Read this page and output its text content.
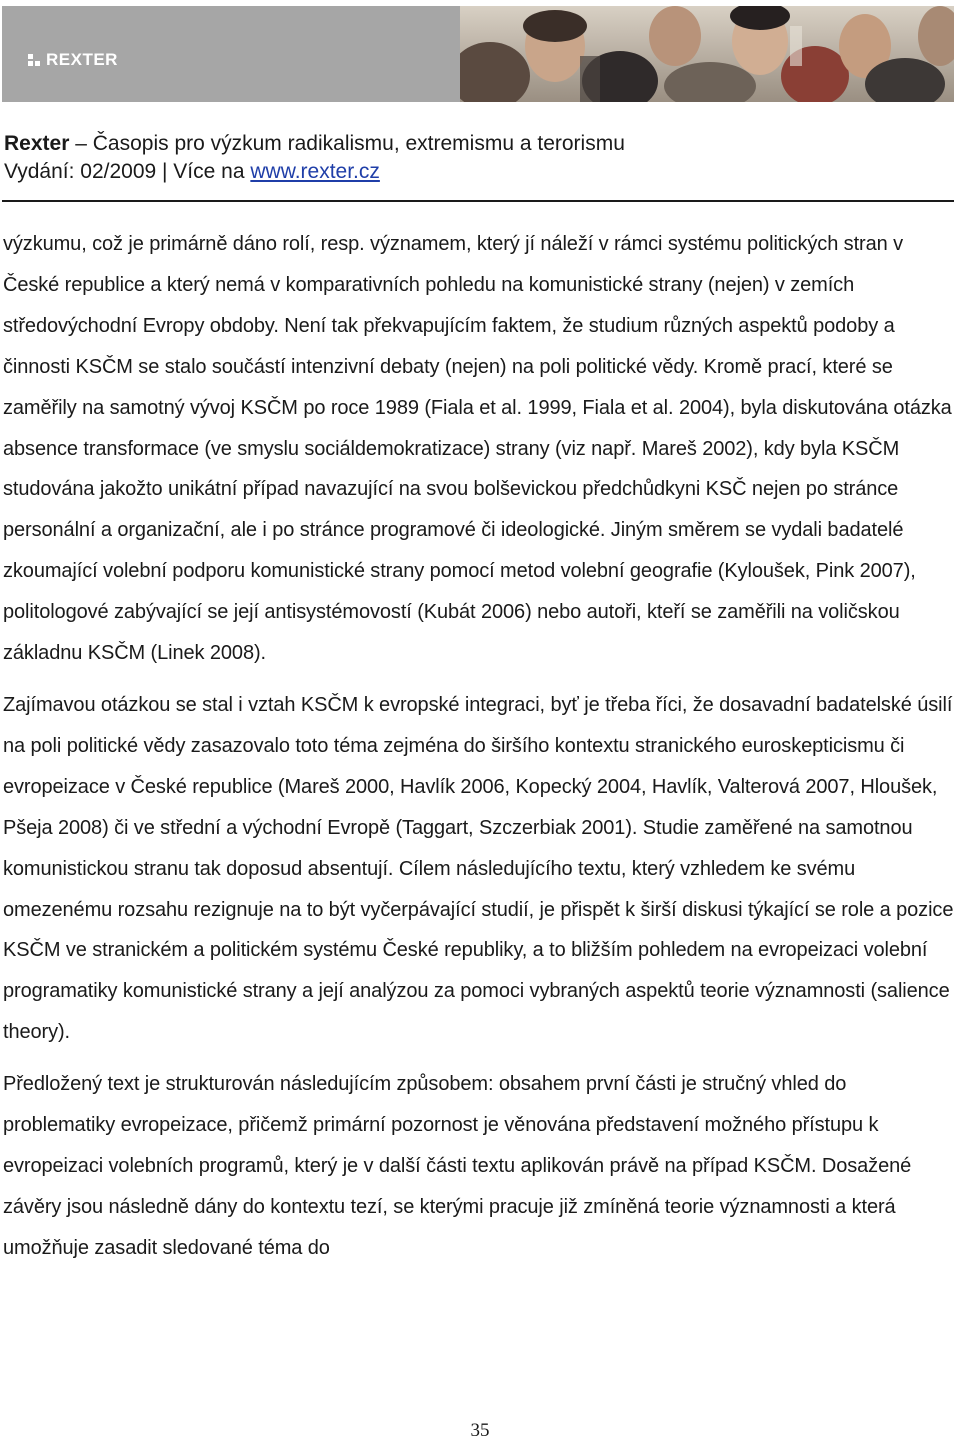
REXTER
Rexter – Časopis pro výzkum radikalismu, extremismu a terorismu
Vydání: 02/2009 | Více na www.rexter.cz

výzkumu, což je primárně dáno rolí, resp. významem, který jí náleží v rámci systému politických stran v České republice a který nemá v komparativních pohledu na komunistické strany (nejen) v zemích středovýchodní Evropy obdoby. Není tak překvapujícím faktem, že studium různých aspektů podoby a činnosti KSČM se stalo součástí intenzivní debaty (nejen) na poli politické vědy. Kromě prací, které se zaměřily na samotný vývoj KSČM po roce 1989 (Fiala et al. 1999, Fiala et al. 2004), byla diskutována otázka absence transformace (ve smyslu sociáldemokratizace) strany (viz např. Mareš 2002), kdy byla KSČM studována jakožto unikátní případ navazující na svou bolševickou předchůdkyni KSČ nejen po stránce personální a organizační, ale i po stránce programové či ideologické. Jiným směrem se vydali badatelé zkoumající volební podporu komunistické strany pomocí metod volební geografie (Kyloušek, Pink 2007), politologové zabývající se její antisystémovostí (Kubát 2006) nebo autoři, kteří se zaměřili na voličskou základnu KSČM (Linek 2008).

Zajímavou otázkou se stal i vztah KSČM k evropské integraci, byť je třeba říci, že dosavadní badatelské úsilí na poli politické vědy zasazovalo toto téma zejména do širšího kontextu stranického euroskepticismu či evropeizace v České republice (Mareš 2000, Havlík 2006, Kopecký 2004, Havlík, Valterová 2007, Hloušek, Pšeja 2008) či ve střední a východní Evropě (Taggart, Szczerbiak 2001). Studie zaměřené na samotnou komunistickou stranu tak doposud absentují. Cílem následujícího textu, který vzhledem ke svému omezenému rozsahu rezignuje na to být vyčerpávající studií, je přispět k širší diskusi týkající se role a pozice KSČM ve stranickém a politickém systému České republiky, a to bližším pohledem na evropeizaci volební programatiky komunistické strany a její analýzou za pomoci vybraných aspektů teorie významnosti (salience theory).

Předložený text je strukturován následujícím způsobem: obsahem první části je stručný vhled do problematiky evropeizace, přičemž primární pozornost je věnována představení možného přístupu k evropeizaci volebních programů, který je v další části textu aplikován právě na případ KSČM. Dosažené závěry jsou následně dány do kontextu tezí, se kterými pracuje již zmíněná teorie významnosti a která umožňuje zasadit sledované téma do

35
